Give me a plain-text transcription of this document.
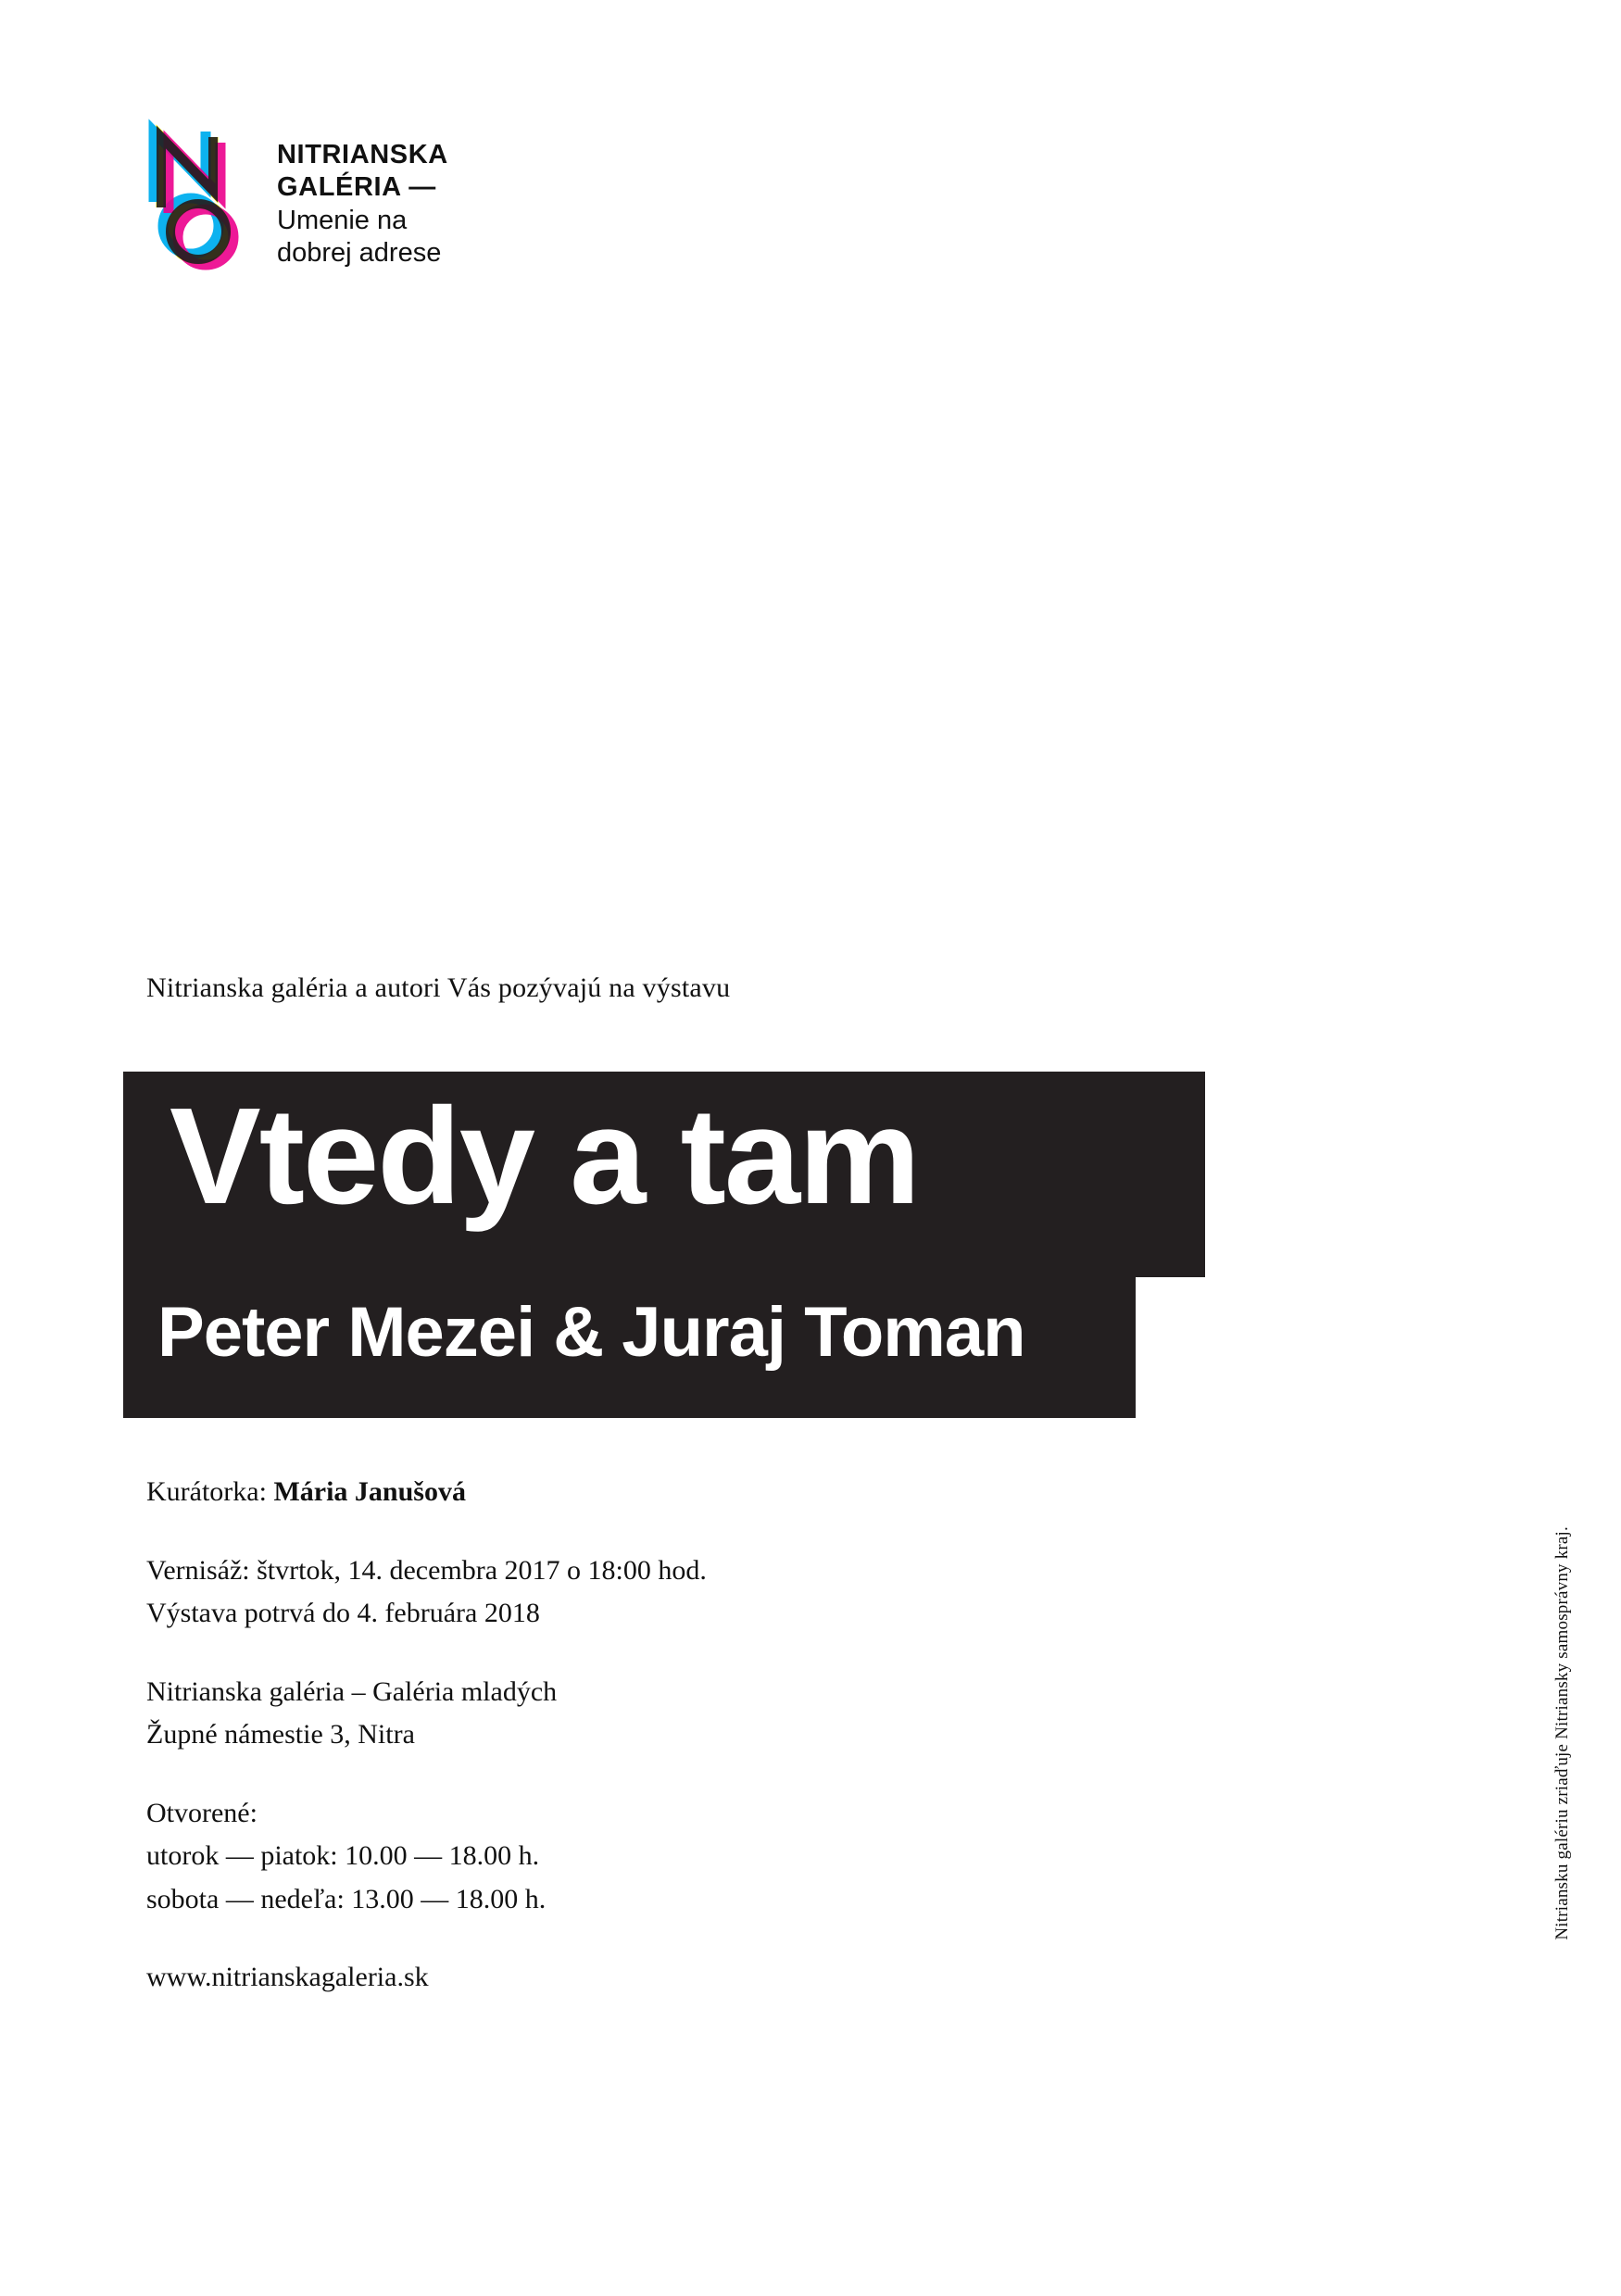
NITRIANSKA
GALÉRIA —
Umenie na
dobrej adrese
Nitrianska galéria a autori Vás pozývajú na výstavu
Vtedy a tam
Peter Mezei & Juraj Toman
Kurátorka: Mária Janušová
Vernisáž: štvrtok, 14. decembra 2017 o 18:00 hod.
Výstava potrvá do 4. februára 2018
Nitrianska galéria – Galéria mladých
Župné námestie 3, Nitra
Otvorené:
utorok — piatok: 10.00 — 18.00 h.
sobota — nedeľa: 13.00 — 18.00 h.
www.nitrianskagaleria.sk
Nitriansku galériu zriaďuje Nitriansky samosprávny kraj.
